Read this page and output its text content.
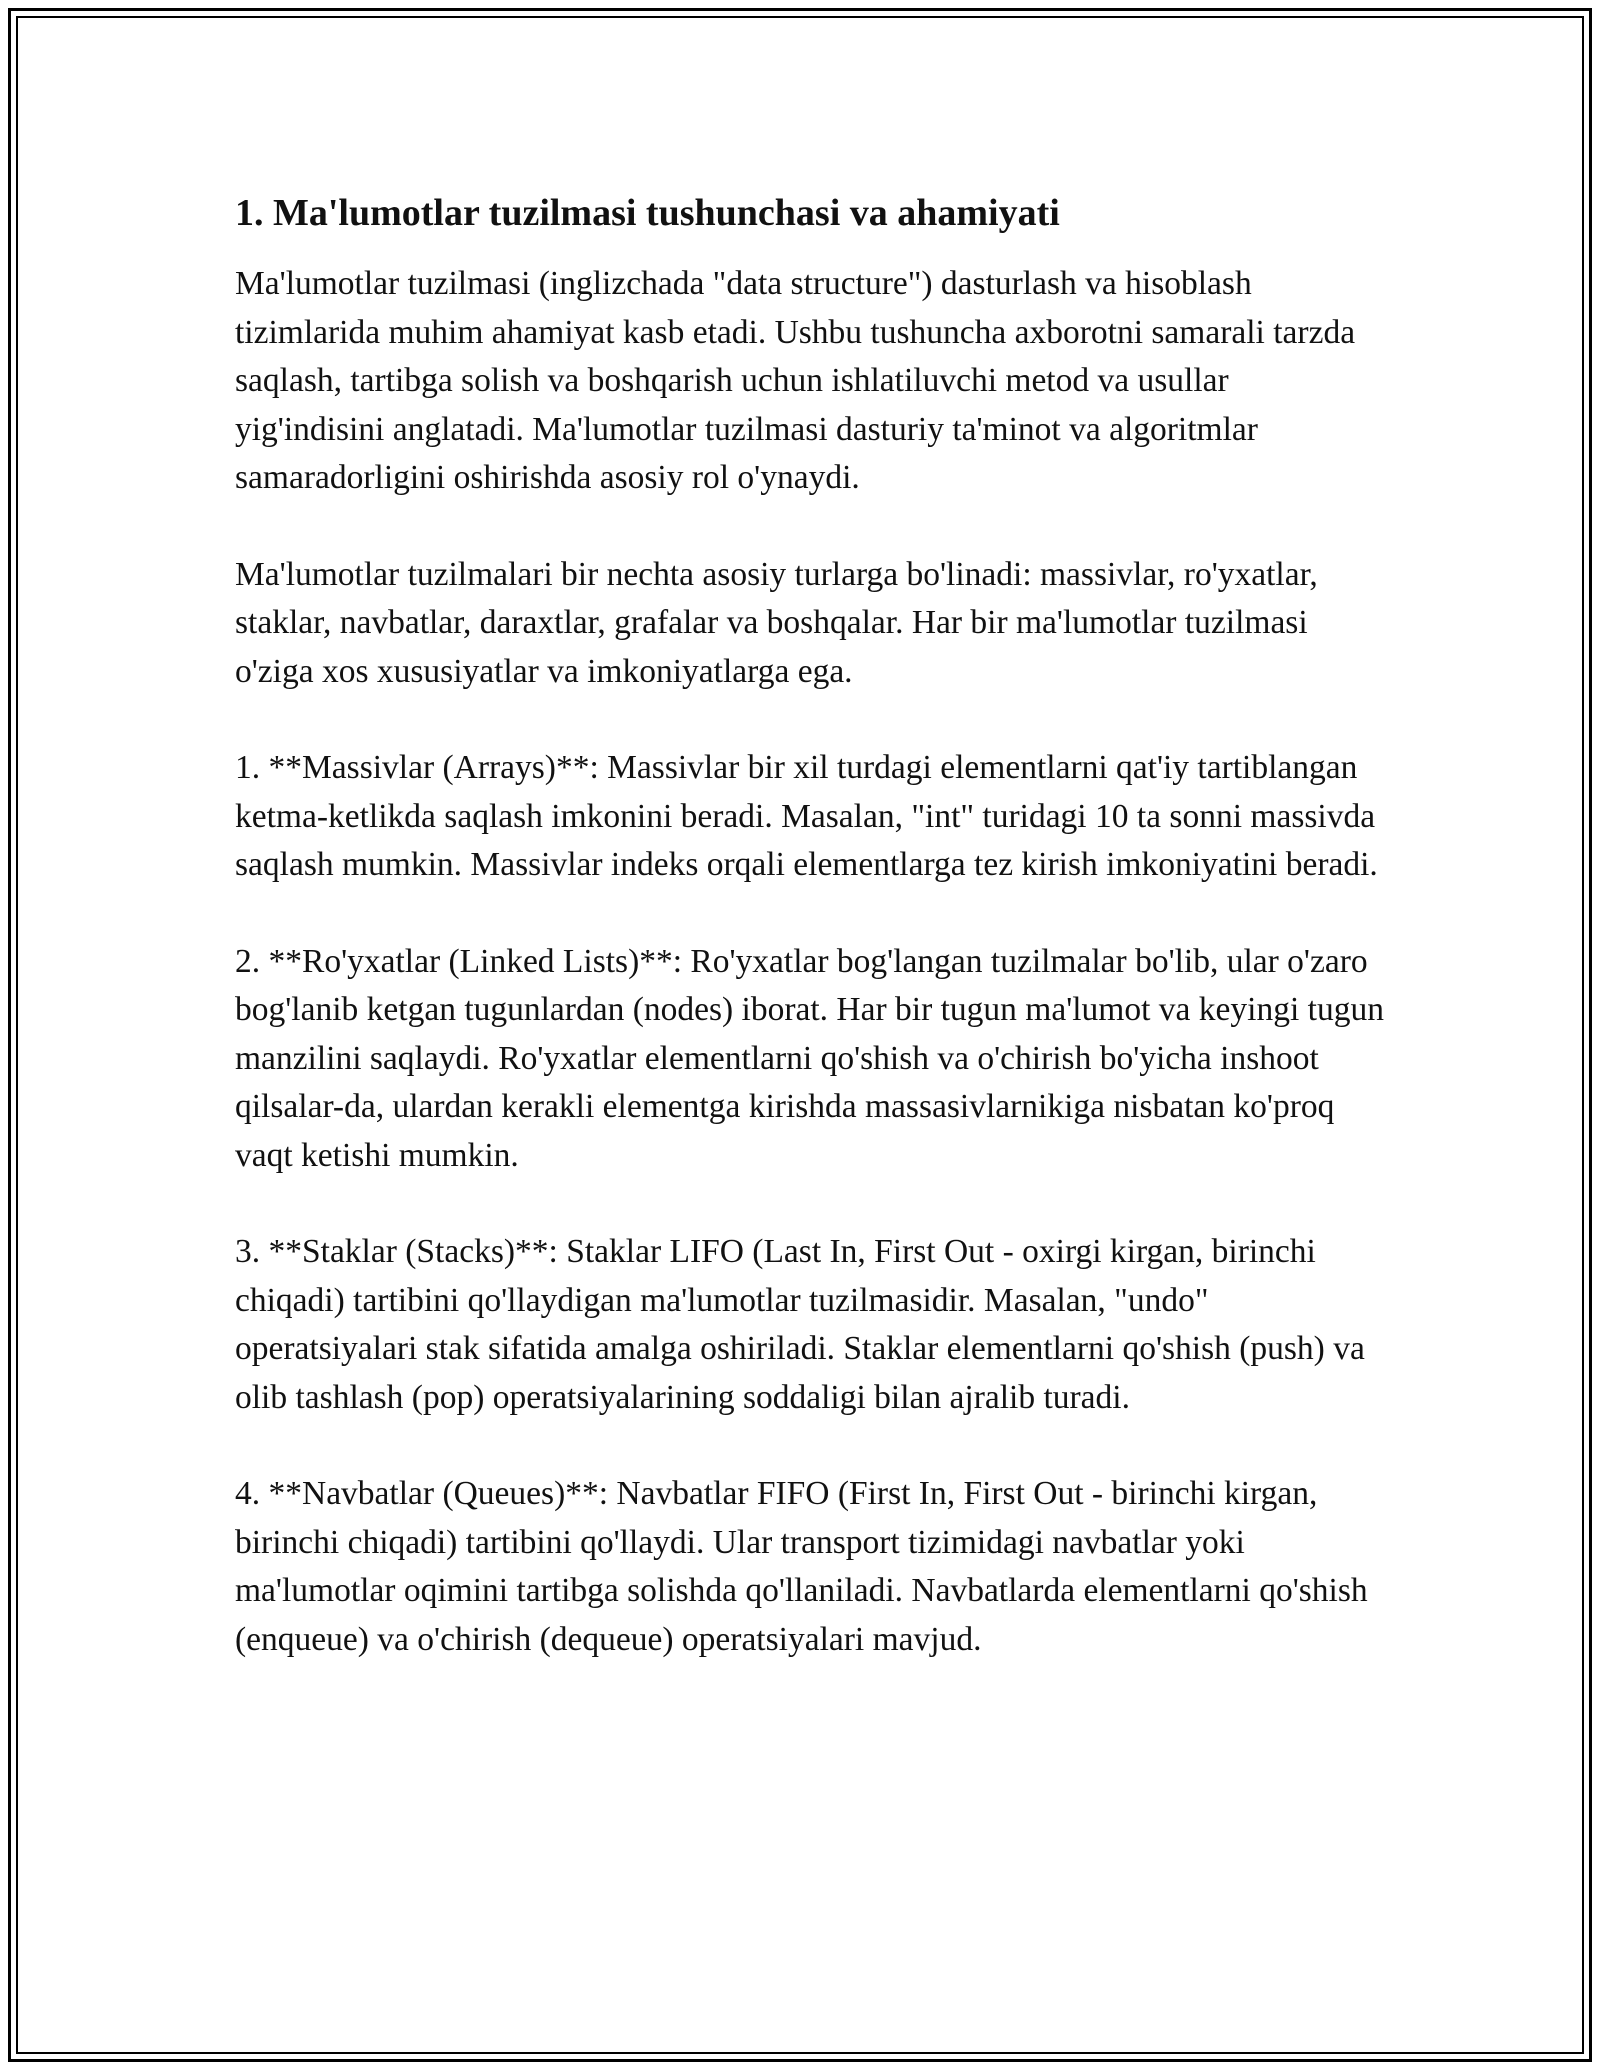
1. Ma'lumotlar tuzilmasi tushunchasi va ahamiyati

Ma'lumotlar tuzilmasi (inglizchada "data structure") dasturlash va hisoblash tizimlarida muhim ahamiyat kasb etadi. Ushbu tushuncha axborotni samarali tarzda saqlash, tartibga solish va boshqarish uchun ishlatiluvchi metod va usullar yig'indisini anglatadi. Ma'lumotlar tuzilmasi dasturiy ta'minot va algoritmlar samaradorligini oshirishda asosiy rol o'ynaydi.

Ma'lumotlar tuzilmalari bir nechta asosiy turlarga bo'linadi: massivlar, ro'yxatlar, staklar, navbatlar, daraxtlar, grafalar va boshqalar. Har bir ma'lumotlar tuzilmasi o'ziga xos xususiyatlar va imkoniyatlarga ega.

1. **Massivlar (Arrays)**: Massivlar bir xil turdagi elementlarni qat'iy tartiblangan ketma-ketlikda saqlash imkonini beradi. Masalan, "int" turidagi 10 ta sonni massivda saqlash mumkin. Massivlar indeks orqali elementlarga tez kirish imkoniyatini beradi.

2. **Ro'yxatlar (Linked Lists)**: Ro'yxatlar bog'langan tuzilmalar bo'lib, ular o'zaro bog'lanib ketgan tugunlardan (nodes) iborat. Har bir tugun ma'lumot va keyingi tugun manzilini saqlaydi. Ro'yxatlar elementlarni qo'shish va o'chirish bo'yicha inshoot qilsalar-da, ulardan kerakli elementga kirishda massasivlarnikiga nisbatan ko'proq vaqt ketishi mumkin.

3. **Staklar (Stacks)**: Staklar LIFO (Last In, First Out - oxirgi kirgan, birinchi chiqadi) tartibini qo'llaydigan ma'lumotlar tuzilmasidir. Masalan, "undo" operatsiyalari stak sifatida amalga oshiriladi. Staklar elementlarni qo'shish (push) va olib tashlash (pop) operatsiyalarining soddaligi bilan ajralib turadi.

4. **Navbatlar (Queues)**: Navbatlar FIFO (First In, First Out - birinchi kirgan, birinchi chiqadi) tartibini qo'llaydi. Ular transport tizimidagi navbatlar yoki ma'lumotlar oqimini tartibga solishda qo'llaniladi. Navbatlarda elementlarni qo'shish (enqueue) va o'chirish (dequeue) operatsiyalari mavjud.
